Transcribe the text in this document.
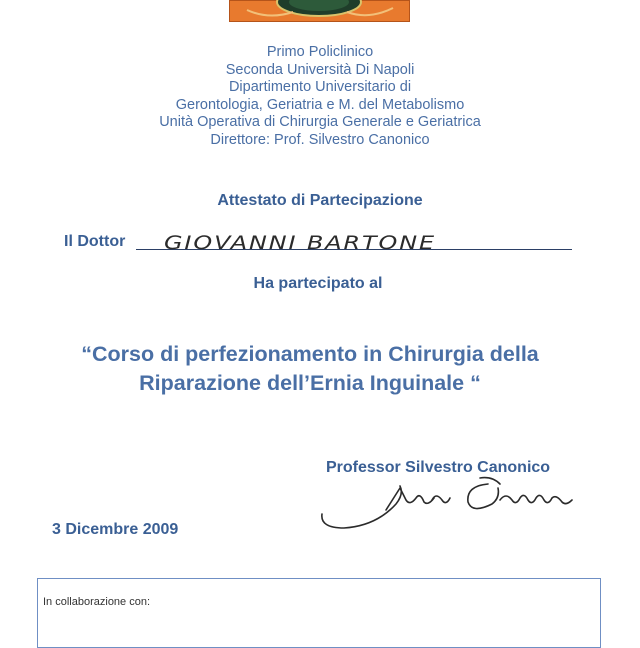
Primo Policlinico
Seconda Università Di Napoli
Dipartimento Universitario di
Gerontologia, Geriatria e M. del Metabolismo
Unità Operativa di Chirurgia Generale e Geriatrica
Direttore: Prof. Silvestro Canonico
Attestato di Partecipazione
Il Dottor GIOVANNI BARTONE
Ha partecipato al
“Corso di perfezionamento in Chirurgia della
Riparazione dell’Ernia Inguinale “
Professor Silvestro Canonico
3 Dicembre 2009
In collaborazione con:
